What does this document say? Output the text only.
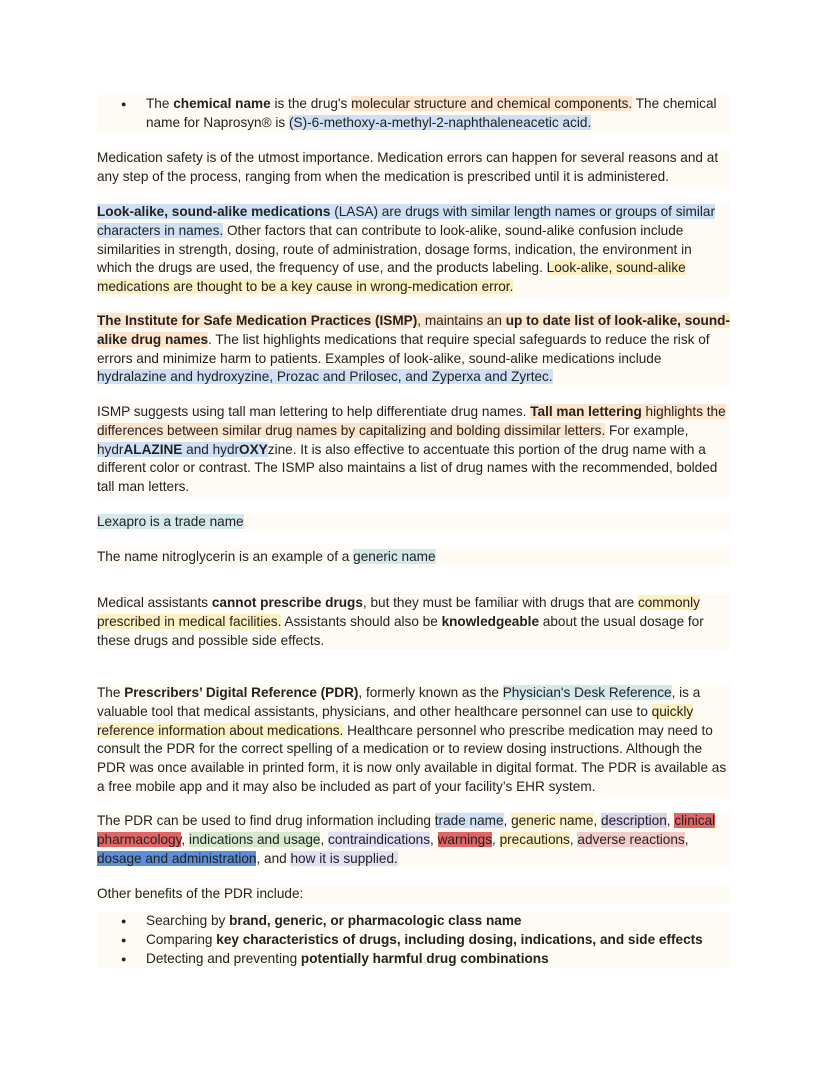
● The chemical name is the drug's molecular structure and chemical components. The chemical name for Naprosyn® is (S)-6-methoxy-a-methyl-2-naphthaleneacetic acid.

Medication safety is of the utmost importance. Medication errors can happen for several reasons and at any step of the process, ranging from when the medication is prescribed until it is administered.

Look-alike, sound-alike medications (LASA) are drugs with similar length names or groups of similar characters in names. Other factors that can contribute to look-alike, sound-alike confusion include similarities in strength, dosing, route of administration, dosage forms, indication, the environment in which the drugs are used, the frequency of use, and the products labeling. Look-alike, sound-alike medications are thought to be a key cause in wrong-medication error.

The Institute for Safe Medication Practices (ISMP), maintains an up to date list of look-alike, sound-alike drug names. The list highlights medications that require special safeguards to reduce the risk of errors and minimize harm to patients. Examples of look-alike, sound-alike medications include hydralazine and hydroxyzine, Prozac and Prilosec, and Zyperxa and Zyrtec.

ISMP suggests using tall man lettering to help differentiate drug names. Tall man lettering highlights the differences between similar drug names by capitalizing and bolding dissimilar letters. For example, hydrALAZINE and hydrOXYzine. It is also effective to accentuate this portion of the drug name with a different color or contrast. The ISMP also maintains a list of drug names with the recommended, bolded tall man letters.

Lexapro is a trade name

The name nitroglycerin is an example of a generic name

Medical assistants cannot prescribe drugs, but they must be familiar with drugs that are commonly prescribed in medical facilities. Assistants should also be knowledgeable about the usual dosage for these drugs and possible side effects.

The Prescribers’ Digital Reference (PDR), formerly known as the Physician's Desk Reference, is a valuable tool that medical assistants, physicians, and other healthcare personnel can use to quickly reference information about medications. Healthcare personnel who prescribe medication may need to consult the PDR for the correct spelling of a medication or to review dosing instructions. Although the PDR was once available in printed form, it is now only available in digital format. The PDR is available as a free mobile app and it may also be included as part of your facility’s EHR system.

The PDR can be used to find drug information including trade name, generic name, description, clinical pharmacology, indications and usage, contraindications, warnings, precautions, adverse reactions, dosage and administration, and how it is supplied.

Other benefits of the PDR include:

● Searching by brand, generic, or pharmacologic class name
● Comparing key characteristics of drugs, including dosing, indications, and side effects
● Detecting and preventing potentially harmful drug combinations
